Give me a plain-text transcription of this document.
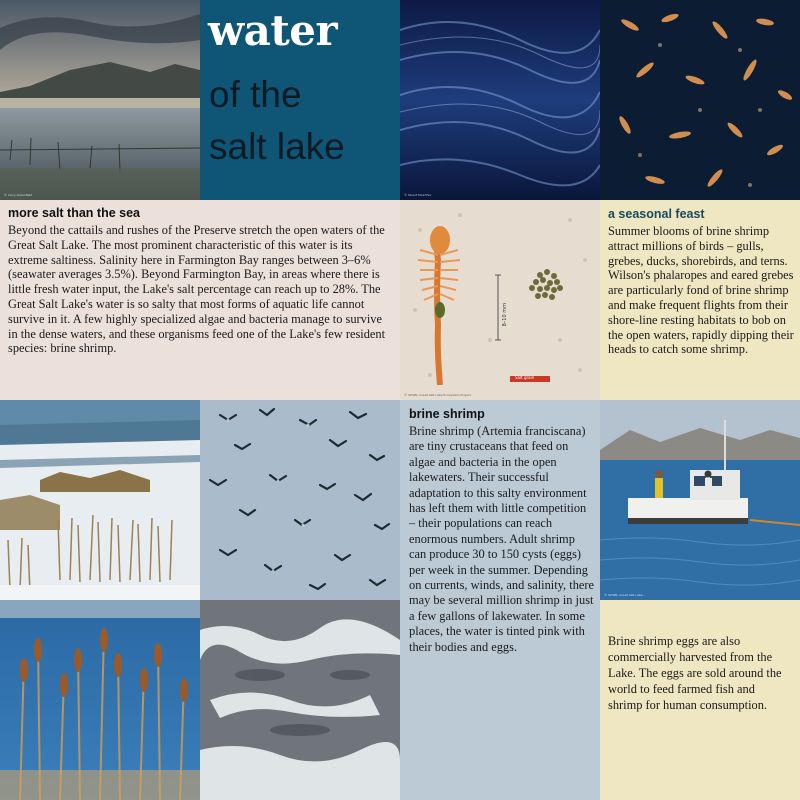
© Larry Greenfield
water
of the
salt lake
© Stuart Mcarthur
more salt than the sea
Beyond the cattails and rushes of the Preserve stretch the open waters of the Great Salt Lake. The most prominent characteristic of this water is its extreme saltiness. Salinity here in Farmington Bay ranges between 3–6% (seawater averages 3.5%). Beyond Farmington Bay, in areas where there is little fresh water input, the Lake's salt percentage can reach up to 28%. The Great Salt Lake's water is so salty that most forms of aquatic life cannot survive in it. A few highly specialized algae and bacteria manage to survive in the dense waters, and these organisms feed one of the Lake's few resident species: brine shrimp.
8–10 mm
Salt grain
© UDWR, Great Salt Lake Ecosystem Project
a seasonal feast
Summer blooms of brine shrimp attract millions of birds – gulls, grebes, ducks, shorebirds, and terns. Wilson's phalaropes and eared grebes are particularly fond of brine shrimp and make frequent flights from their shore-line resting habitats to bob on the open waters, rapidly dipping their heads to catch some shrimp.
brine shrimp
Brine shrimp (Artemia franciscana) are tiny crustaceans that feed on algae and bacteria in the open lakewaters. Their successful adaptation to this salty environment has left them with little competition – their populations can reach enormous numbers. Adult shrimp can produce 30 to 150 cysts (eggs) per week in the summer. Depending on currents, winds, and salinity, there may be several million shrimp in just a few gallons of lakewater. In some places, the water is tinted pink with their bodies and eggs.
© UDWR, Great Salt Lake...
Brine shrimp eggs are also commercially harvested from the Lake. The eggs are sold around the world to feed farmed fish and shrimp for human consumption.
